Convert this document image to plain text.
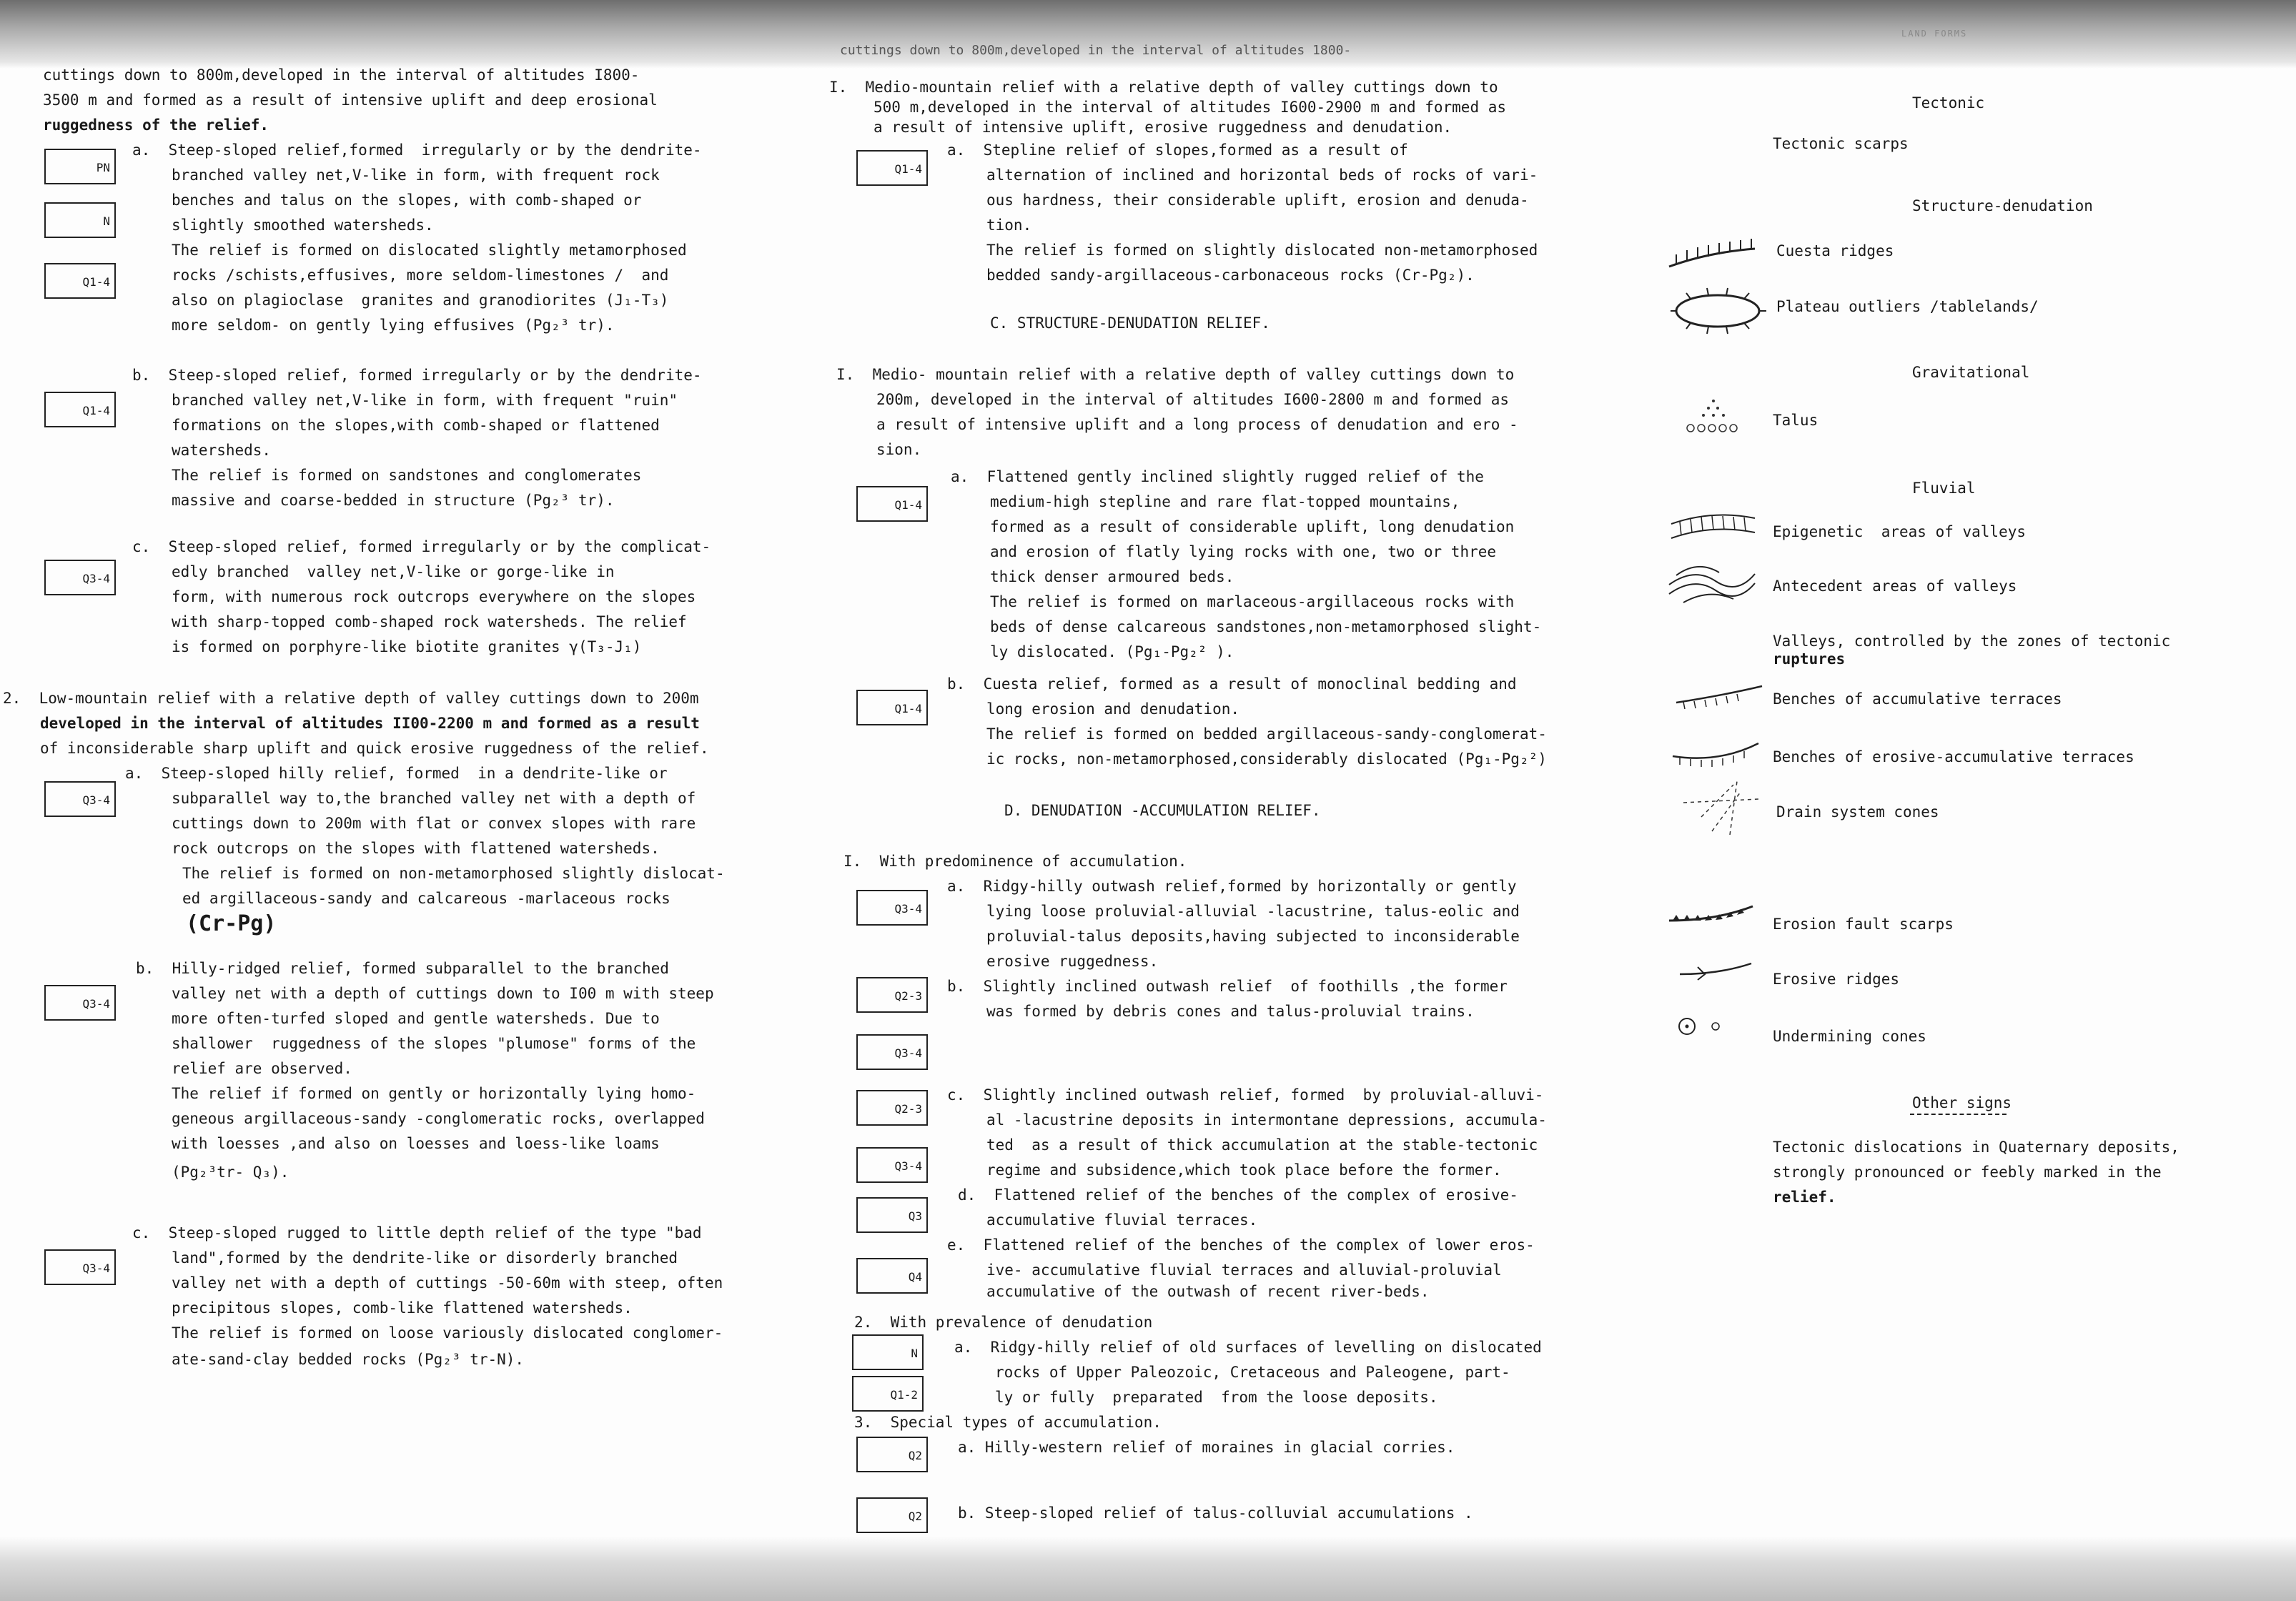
cuttings down to 800m,developed in the interval of altitudes 1800-
LAND FORMS
cuttings down to 800m,developed in the interval of altitudes I800-
3500 m and formed as a result of intensive uplift and deep erosional
ruggedness of the relief.
PN
N
Q1-4
a.  Steep-sloped relief,formed  irregularly or by the dendrite-
branched valley net,V-like in form, with frequent rock
benches and talus on the slopes, with comb-shaped or
slightly smoothed watersheds.
The relief is formed on dislocated slightly metamorphosed
rocks /schists,effusives, more seldom-limestones /  and
also on plagioclase  granites and granodiorites (J₁-T₃)
more seldom- on gently lying effusives (Pg₂³ tr).
Q1-4
b.  Steep-sloped relief, formed irregularly or by the dendrite-
branched valley net,V-like in form, with frequent "ruin"
formations on the slopes,with comb-shaped or flattened
watersheds.
The relief is formed on sandstones and conglomerates
massive and coarse-bedded in structure (Pg₂³ tr).
Q3-4
c.  Steep-sloped relief, formed irregularly or by the complicat-
edly branched  valley net,V-like or gorge-like in
form, with numerous rock outcrops everywhere on the slopes
with sharp-topped comb-shaped rock watersheds. The relief
is formed on porphyre-like biotite granites γ(T₃-J₁)
2.  Low-mountain relief with a relative depth of valley cuttings down to 200m
developed in the interval of altitudes II00-2200 m and formed as a result
of inconsiderable sharp uplift and quick erosive ruggedness of the relief.
Q3-4
a.  Steep-sloped hilly relief, formed  in a dendrite-like or
subparallel way to,the branched valley net with a depth of
cuttings down to 200m with flat or convex slopes with rare
rock outcrops on the slopes with flattened watersheds.
The relief is formed on non-metamorphosed slightly dislocat-
ed argillaceous-sandy and calcareous -marlaceous rocks
(Cr-Pg)
Q3-4
b.  Hilly-ridged relief, formed subparallel to the branched
valley net with a depth of cuttings down to I00 m with steep
more often-turfed sloped and gentle watersheds. Due to
shallower  ruggedness of the slopes "plumose" forms of the
relief are observed.
The relief if formed on gently or horizontally lying homo-
geneous argillaceous-sandy -conglomeratic rocks, overlapped
with loesses ,and also on loesses and loess-like loams
(Pg₂³tr- Q₃).
Q3-4
c.  Steep-sloped rugged to little depth relief of the type "bad
land",formed by the dendrite-like or disorderly branched
valley net with a depth of cuttings -50-60m with steep, often
precipitous slopes, comb-like flattened watersheds.
The relief is formed on loose variously dislocated conglomer-
ate-sand-clay bedded rocks (Pg₂³ tr-N).
I.  Medio-mountain relief with a relative depth of valley cuttings down to
500 m,developed in the interval of altitudes I600-2900 m and formed as
a result of intensive uplift, erosive ruggedness and denudation.
Q1-4
a.  Stepline relief of slopes,formed as a result of
alternation of inclined and horizontal beds of rocks of vari-
ous hardness, their considerable uplift, erosion and denuda-
tion.
The relief is formed on slightly dislocated non-metamorphosed
bedded sandy-argillaceous-carbonaceous rocks (Cr-Pg₂).
C. STRUCTURE-DENUDATION RELIEF.
I.  Medio- mountain relief with a relative depth of valley cuttings down to
200m, developed in the interval of altitudes I600-2800 m and formed as
a result of intensive uplift and a long process of denudation and ero -
sion.
Q1-4
a.  Flattened gently inclined slightly rugged relief of the
medium-high stepline and rare flat-topped mountains,
formed as a result of considerable uplift, long denudation
and erosion of flatly lying rocks with one, two or three
thick denser armoured beds.
The relief is formed on marlaceous-argillaceous rocks with
beds of dense calcareous sandstones,non-metamorphosed slight-
ly dislocated. (Pg₁-Pg₂² ).
Q1-4
b.  Cuesta relief, formed as a result of monoclinal bedding and
long erosion and denudation.
The relief is formed on bedded argillaceous-sandy-conglomerat-
ic rocks, non-metamorphosed,considerably dislocated (Pg₁-Pg₂²)
D. DENUDATION -ACCUMULATION RELIEF.
I.  With predominence of accumulation.
Q3-4
a.  Ridgy-hilly outwash relief,formed by horizontally or gently
lying loose proluvial-alluvial -lacustrine, talus-eolic and
proluvial-talus deposits,having subjected to inconsiderable
erosive ruggedness.
Q2-3
Q3-4
b.  Slightly inclined outwash relief  of foothills ,the former
was formed by debris cones and talus-proluvial trains.
Q2-3
Q3-4
c.  Slightly inclined outwash relief, formed  by proluvial-alluvi-
al -lacustrine deposits in intermontane depressions, accumula-
ted  as a result of thick accumulation at the stable-tectonic
regime and subsidence,which took place before the former.
Q3
d.  Flattened relief of the benches of the complex of erosive-
accumulative fluvial terraces.
Q4
e.  Flattened relief of the benches of the complex of lower eros-
ive- accumulative fluvial terraces and alluvial-proluvial
accumulative of the outwash of recent river-beds.
2.  With prevalence of denudation
N
Q1-2
a.  Ridgy-hilly relief of old surfaces of levelling on dislocated
rocks of Upper Paleozoic, Cretaceous and Paleogene, part-
ly or fully  preparated  from the loose deposits.
3.  Special types of accumulation.
Q2 a. Hilly-western relief of moraines in glacial corries.
Q2 b. Steep-sloped relief of talus-colluvial accumulations .
Tectonic
Tectonic scarps
Structure-denudation
Cuesta ridges
Plateau outliers /tablelands/
Gravitational
Talus
Fluvial
Epigenetic  areas of valleys
Antecedent areas of valleys
Valleys, controlled by the zones of tectonic
ruptures
Benches of accumulative terraces
Benches of erosive-accumulative terraces
Drain system cones
Erosion fault scarps
Erosive ridges
Undermining cones
Other signs
Tectonic dislocations in Quaternary deposits,
strongly pronounced or feebly marked in the
relief.
